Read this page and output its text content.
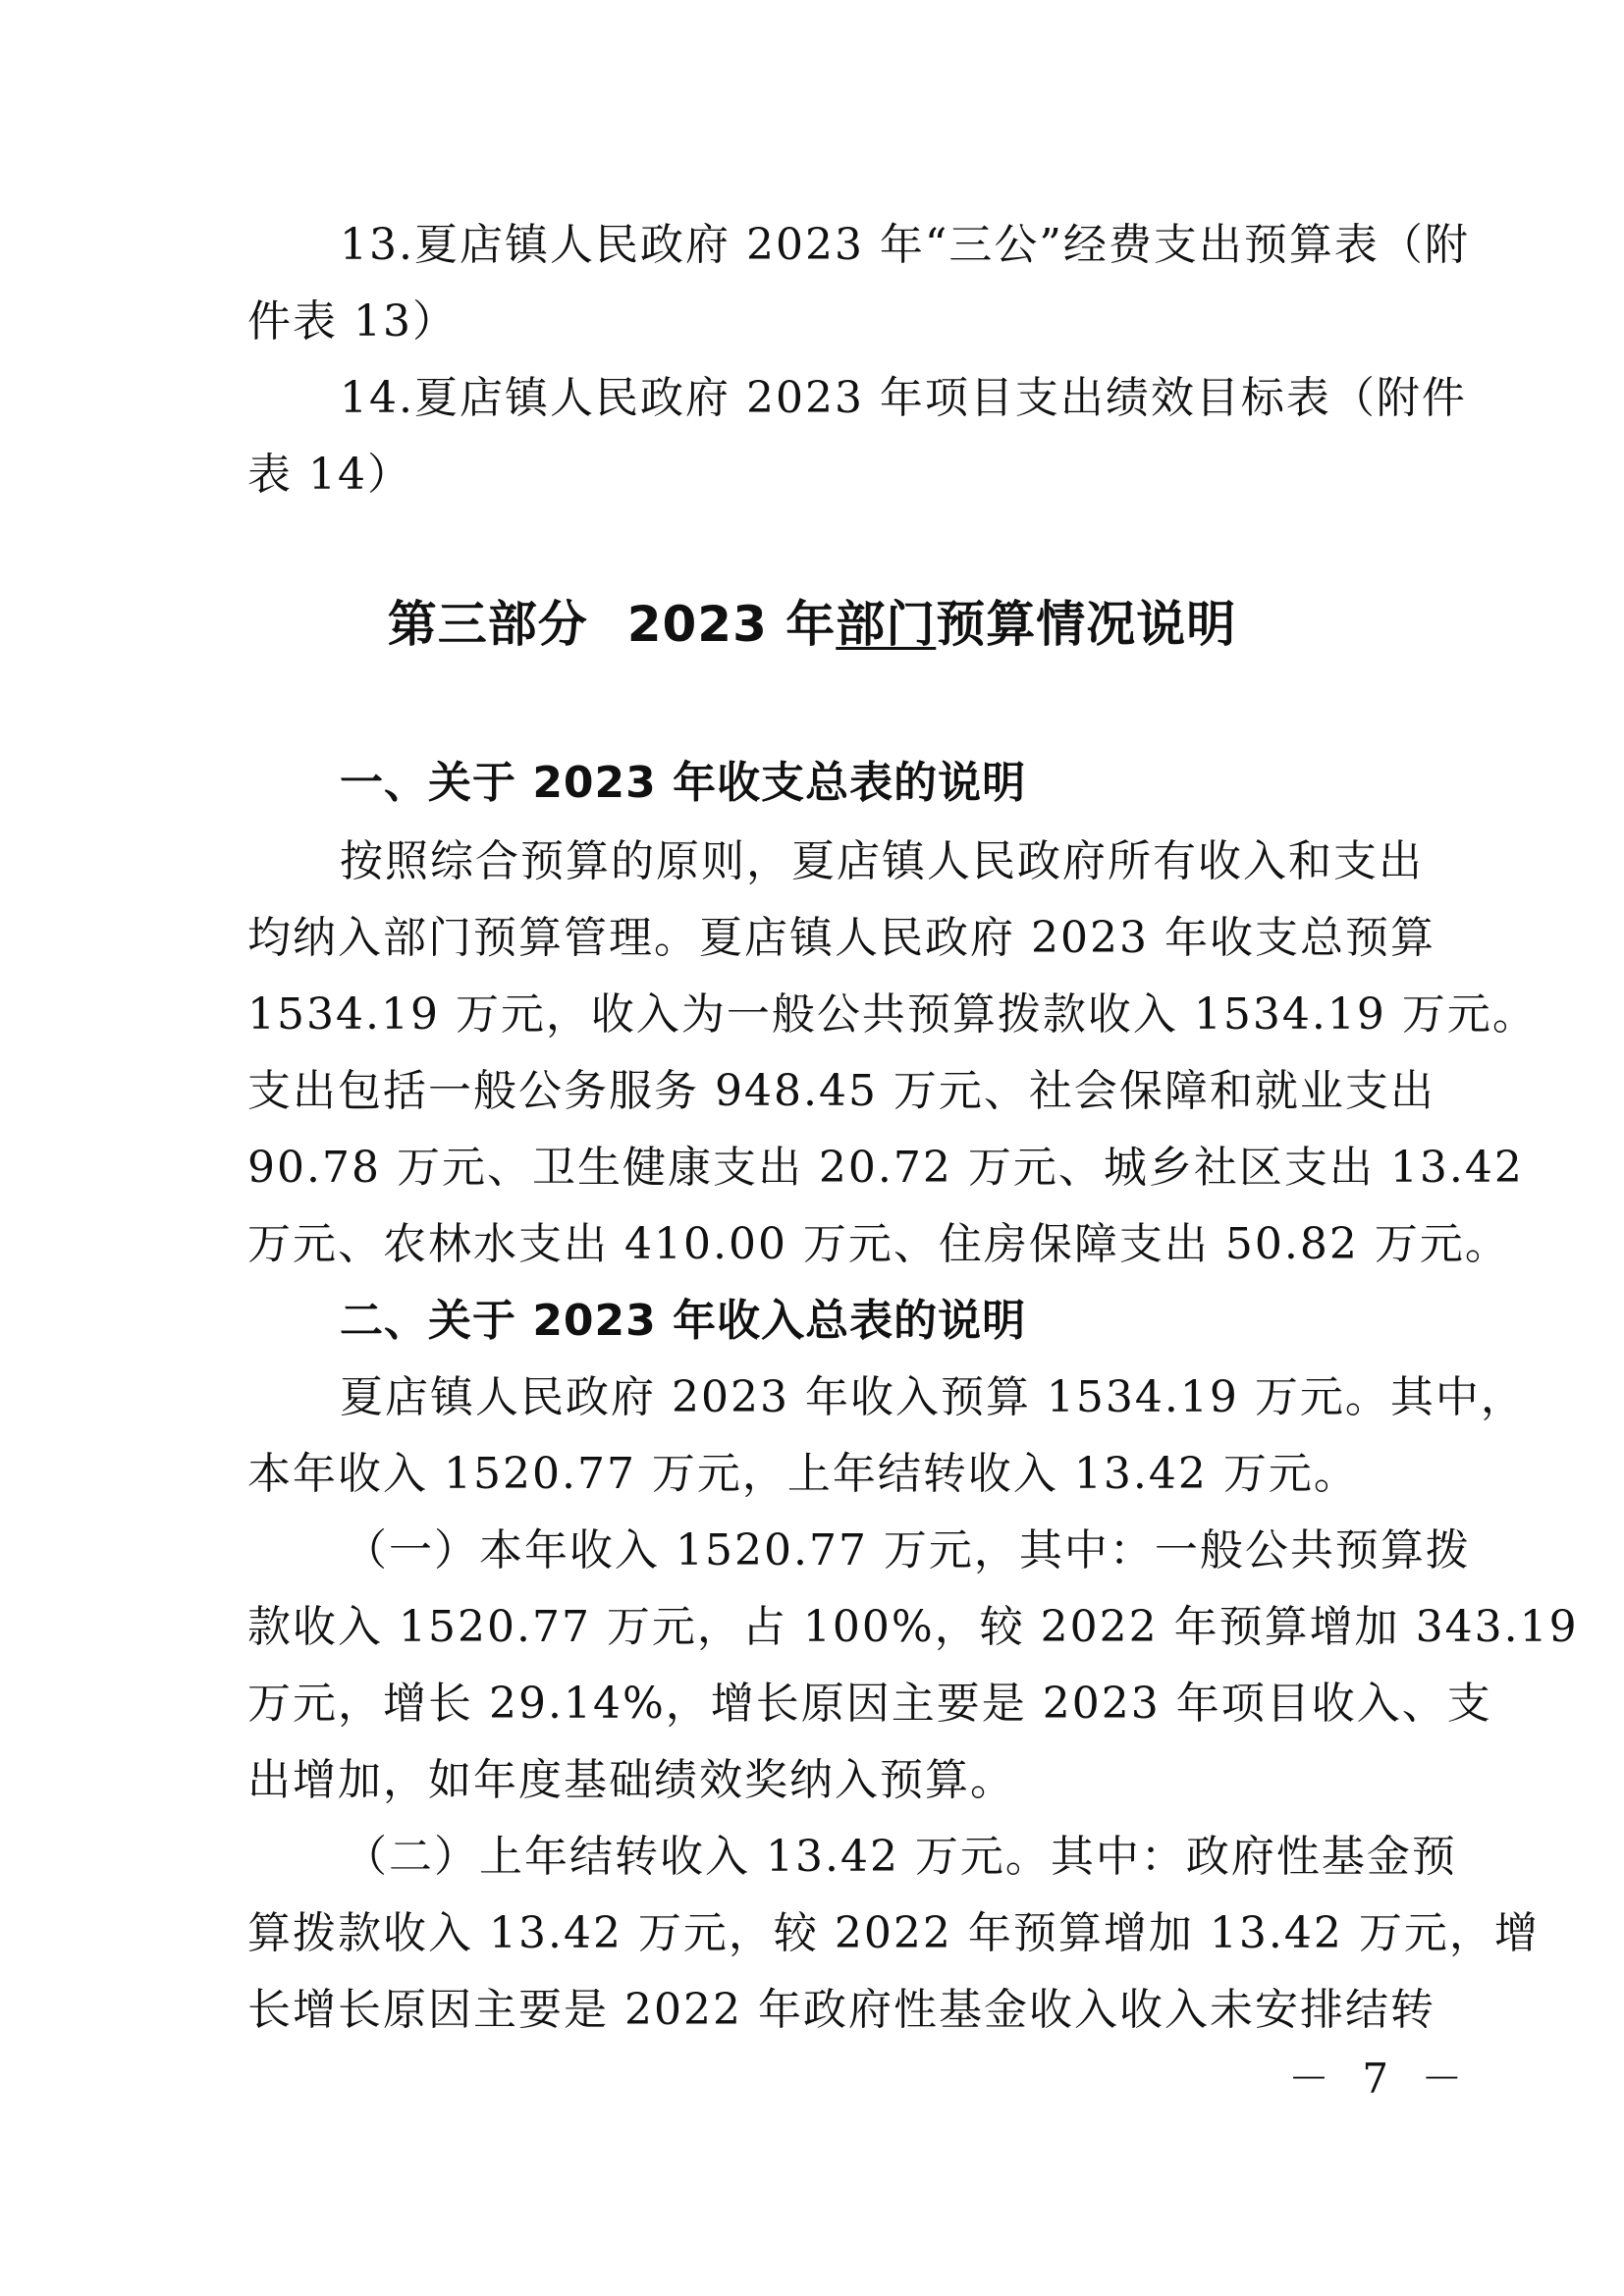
13.夏店镇人民政府 2023 年“三公”经费支出预算表（附

件表 13）

14.夏店镇人民政府 2023 年项目支出绩效目标表（附件

表 14）

第三部分 2023 年部门预算情况说明

一、关于 2023 年收支总表的说明

按照综合预算的原则，夏店镇人民政府所有收入和支出

均纳入部门预算管理。夏店镇人民政府 2023 年收支总预算

1534.19 万元，收入为一般公共预算拨款收入 1534.19 万元。

支出包括一般公务服务 948.45 万元、社会保障和就业支出

90.78 万元、卫生健康支出 20.72 万元、城乡社区支出 13.42

万元、农林水支出 410.00 万元、住房保障支出 50.82 万元。

二、关于 2023 年收入总表的说明

夏店镇人民政府 2023 年收入预算 1534.19 万元。其中，

本年收入 1520.77 万元，上年结转收入 13.42 万元。

（一）本年收入 1520.77 万元，其中：一般公共预算拨

款收入 1520.77 万元，占 100%，较 2022 年预算增加 343.19

万元，增长 29.14%，增长原因主要是 2023 年项目收入、支

出增加，如年度基础绩效奖纳入预算。

（二）上年结转收入 13.42 万元。其中：政府性基金预

算拨款收入 13.42 万元，较 2022 年预算增加 13.42 万元，增

长增长原因主要是 2022 年政府性基金收入收入未安排结转

－ 7 －
